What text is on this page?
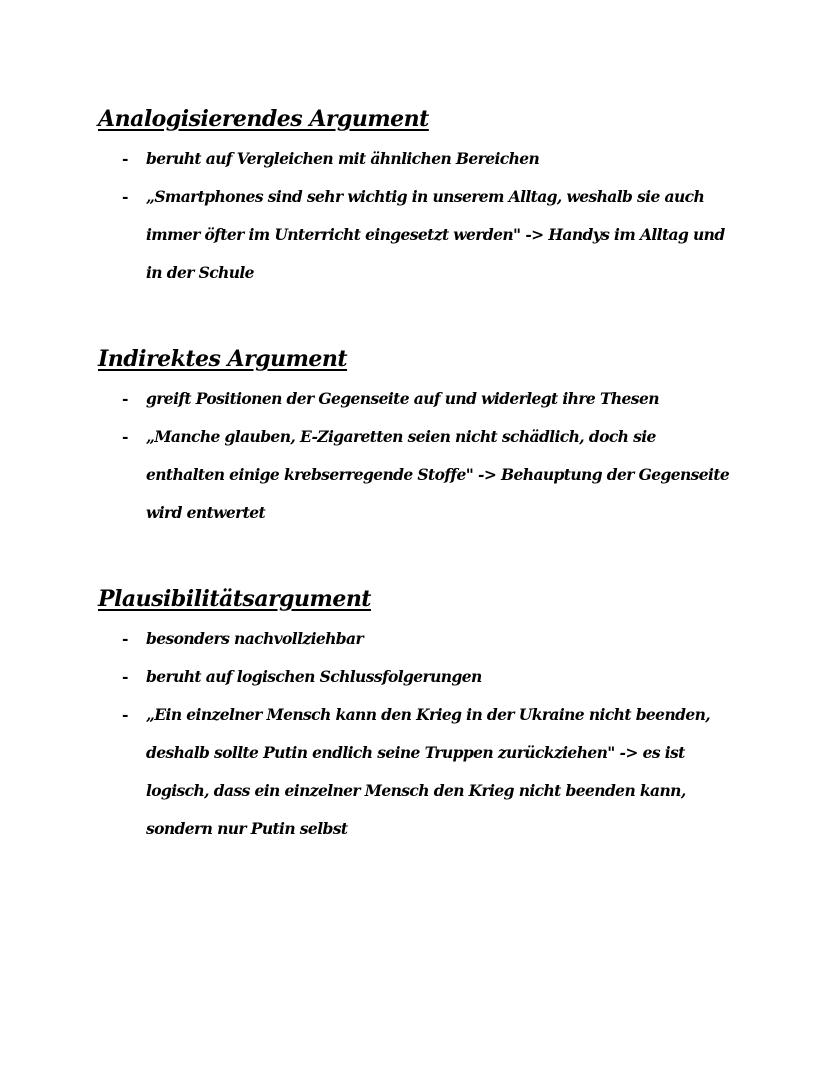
Analogisierendes Argument
- beruht auf Vergleichen mit ähnlichen Bereichen
- „Smartphones sind sehr wichtig in unserem Alltag, weshalb sie auch immer öfter im Unterricht eingesetzt werden" -> Handys im Alltag und in der Schule
Indirektes Argument
- greift Positionen der Gegenseite auf und widerlegt ihre Thesen
- „Manche glauben, E-Zigaretten seien nicht schädlich, doch sie enthalten einige krebserregende Stoffe" -> Behauptung der Gegenseite wird entwertet
Plausibilitätsargument
- besonders nachvollziehbar
- beruht auf logischen Schlussfolgerungen
- „Ein einzelner Mensch kann den Krieg in der Ukraine nicht beenden, deshalb sollte Putin endlich seine Truppen zurückziehen" -> es ist logisch, dass ein einzelner Mensch den Krieg nicht beenden kann, sondern nur Putin selbst
